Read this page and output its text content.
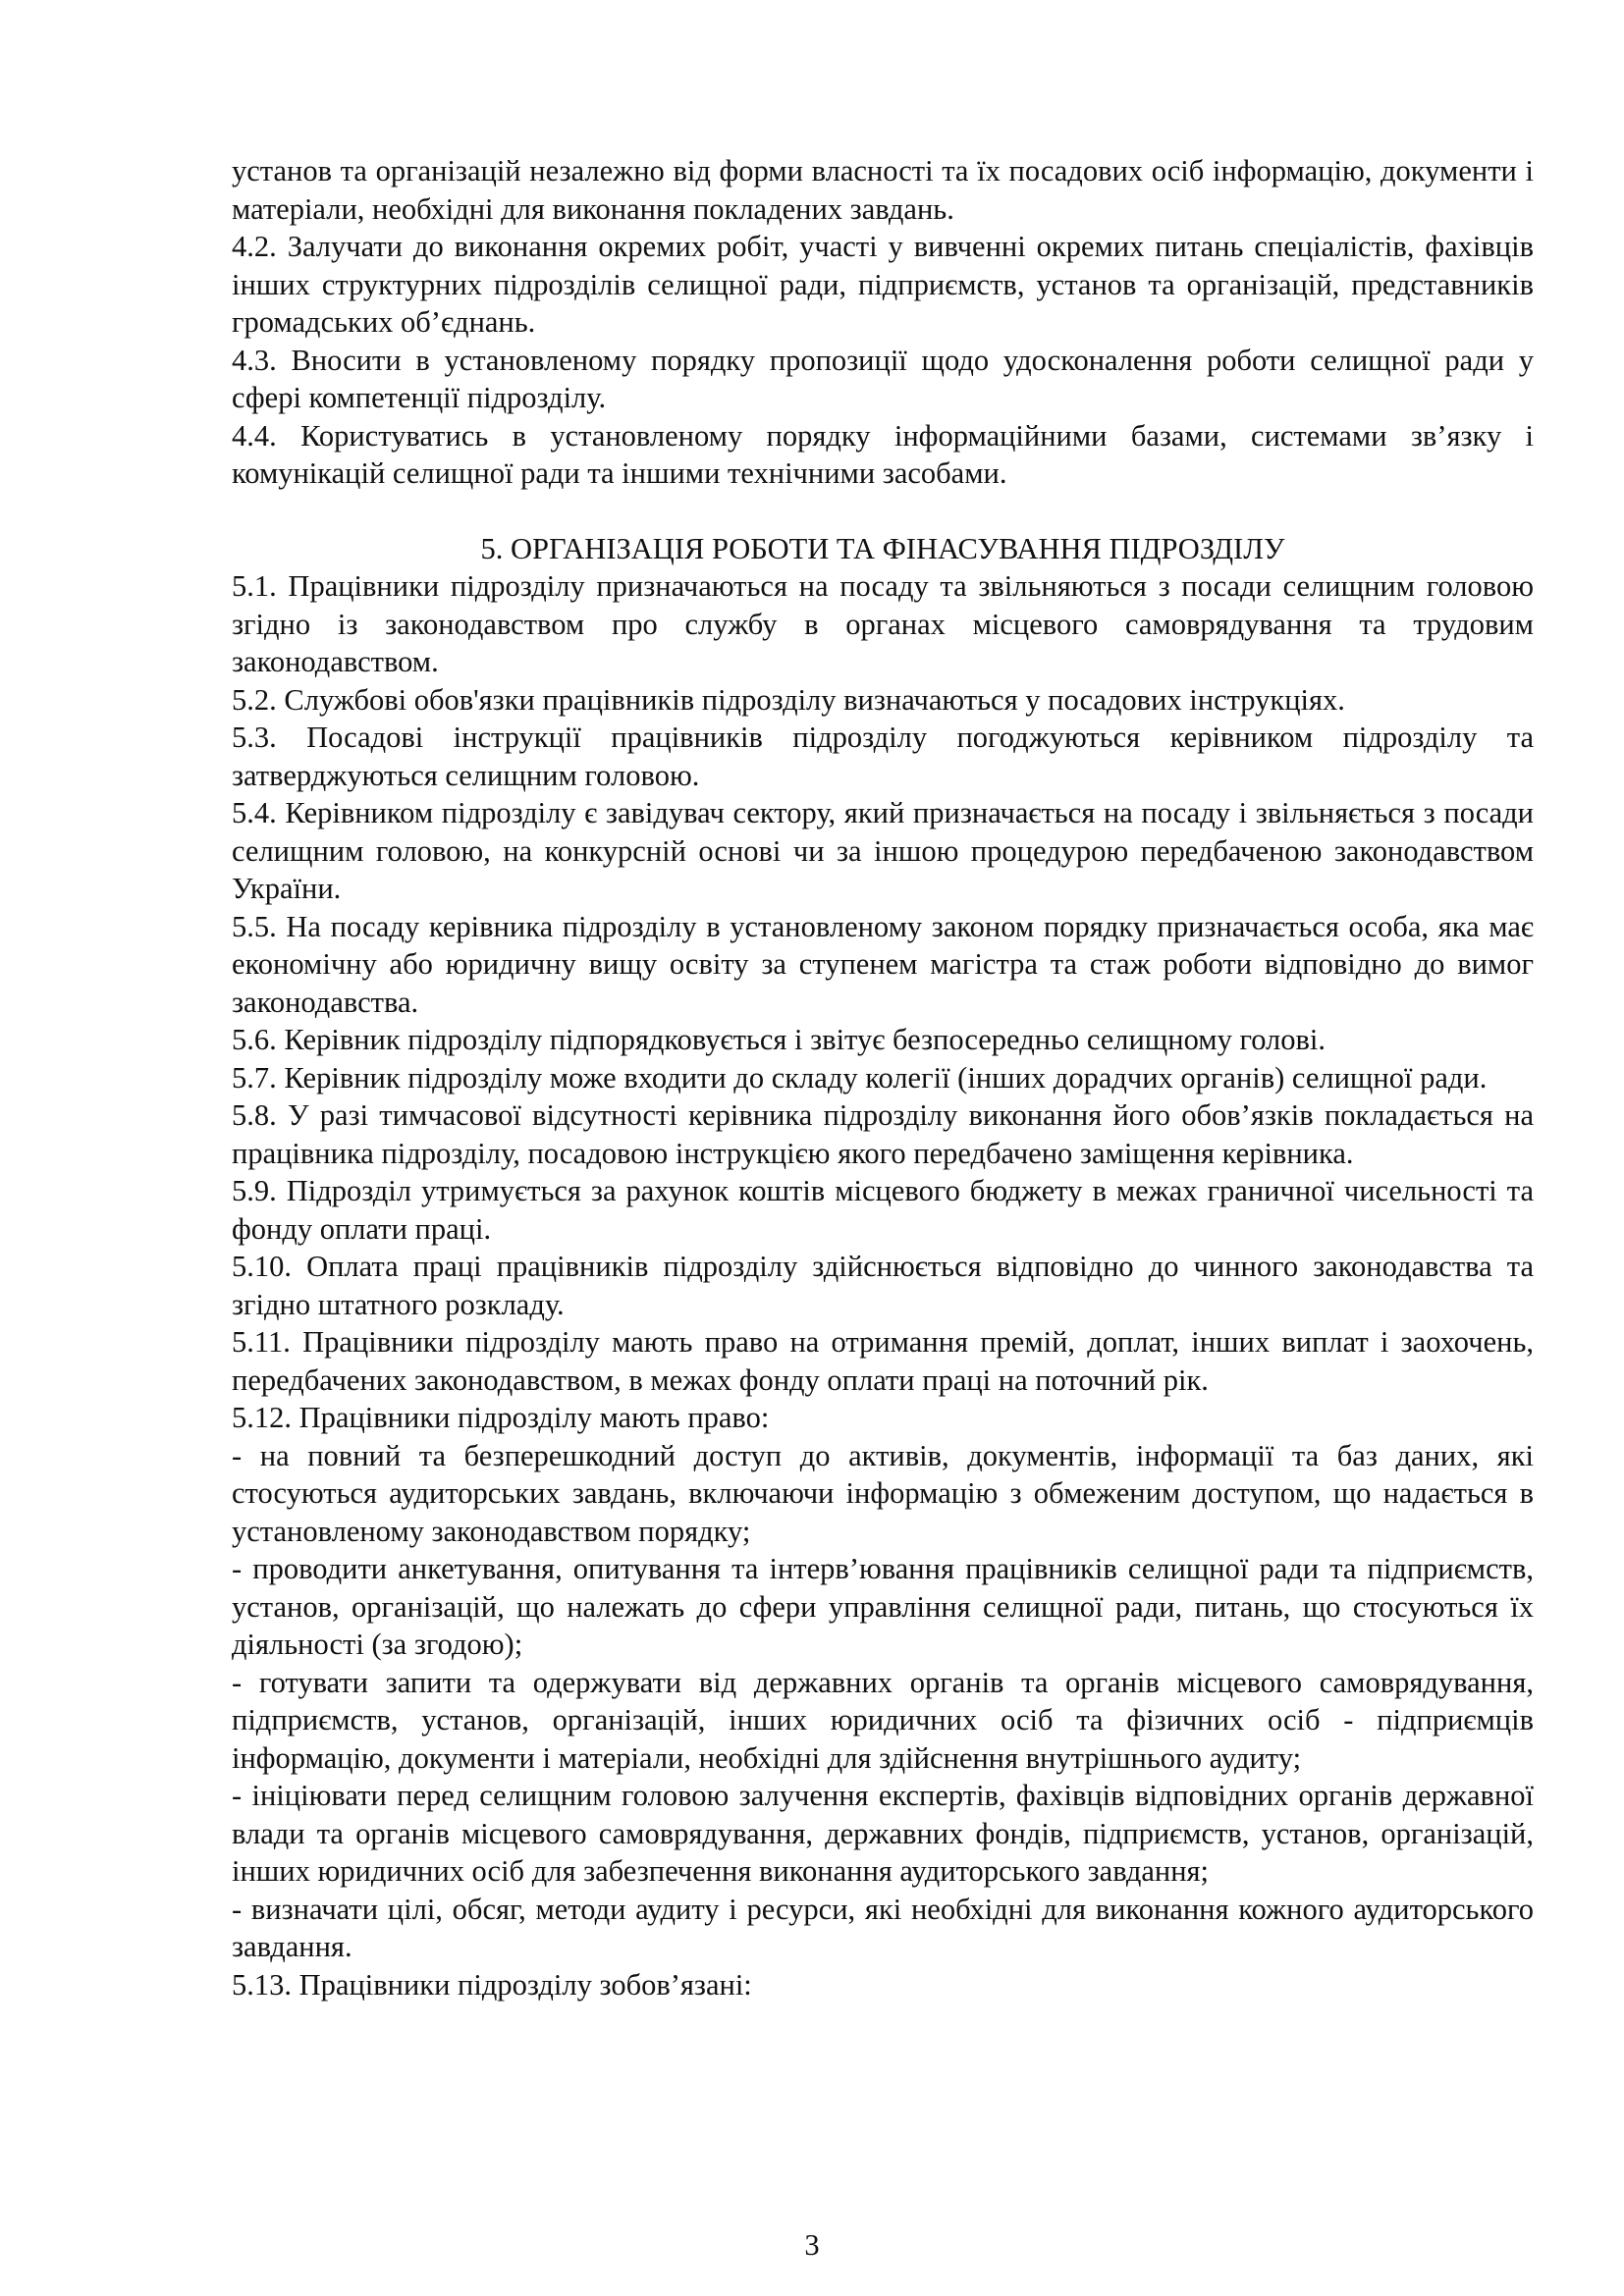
установ та організацій незалежно від форми власності та їх посадових осіб інформацію, документи і матеріали, необхідні для виконання покладених завдань.

4.2. Залучати до виконання окремих робіт, участі у вивченні окремих питань спеціалістів, фахівців інших структурних підрозділів селищної ради, підприємств, установ та організацій, представників громадських об’єднань.

4.3. Вносити в установленому порядку пропозиції щодо удосконалення роботи селищної ради у сфері компетенції підрозділу.

4.4. Користуватись в установленому порядку інформаційними базами, системами зв’язку і комунікацій селищної ради та іншими технічними засобами.

5. ОРГАНІЗАЦІЯ РОБОТИ ТА ФІНАСУВАННЯ ПІДРОЗДІЛУ

5.1. Працівники підрозділу призначаються на посаду та звільняються з посади селищним головою згідно із законодавством про службу в органах місцевого самоврядування та трудовим законодавством.

5.2. Службові обов'язки працівників підрозділу визначаються у посадових інструкціях.

5.3. Посадові інструкції працівників підрозділу погоджуються керівником підрозділу та затверджуються селищним головою.

5.4. Керівником підрозділу є завідувач сектору, який призначається на посаду і звільняється з посади селищним головою, на конкурсній основі чи за іншою процедурою передбаченою законодавством України.

5.5. На посаду керівника підрозділу в установленому законом порядку призначається особа, яка має економічну або юридичну вищу освіту за ступенем магістра та стаж роботи відповідно до вимог законодавства.

5.6. Керівник підрозділу підпорядковується і звітує безпосередньо селищному голові.

5.7. Керівник підрозділу може входити до складу колегії (інших дорадчих органів) селищної ради.

5.8. У разі тимчасової відсутності керівника підрозділу виконання його обов’язків покладається на працівника підрозділу, посадовою інструкцією якого передбачено заміщення керівника.

5.9. Підрозділ утримується за рахунок коштів місцевого бюджету в межах граничної чисельності та фонду оплати праці.

5.10. Оплата праці працівників підрозділу здійснюється відповідно до чинного законодавства та згідно штатного розкладу.

5.11. Працівники підрозділу мають право на отримання премій, доплат, інших виплат і заохочень, передбачених законодавством, в межах фонду оплати праці на поточний рік.

5.12. Працівники підрозділу мають право:

- на повний та безперешкодний доступ до активів, документів, інформації та баз даних, які стосуються аудиторських завдань, включаючи інформацію з обмеженим доступом, що надається в установленому законодавством порядку;

- проводити анкетування, опитування та інтерв’ювання працівників селищної ради та підприємств, установ, організацій, що належать до сфери управління селищної ради, питань, що стосуються їх діяльності (за згодою);

- готувати запити та одержувати від державних органів та органів місцевого самоврядування, підприємств, установ, організацій, інших юридичних осіб та фізичних осіб - підприємців інформацію, документи і матеріали, необхідні для здійснення внутрішнього аудиту;

- ініціювати перед селищним головою залучення експертів, фахівців відповідних органів державної влади та органів місцевого самоврядування, державних фондів, підприємств, установ, організацій, інших юридичних осіб для забезпечення виконання аудиторського завдання;

- визначати цілі, обсяг, методи аудиту і ресурси, які необхідні для виконання кожного аудиторського завдання.

5.13. Працівники підрозділу зобов’язані:

3
